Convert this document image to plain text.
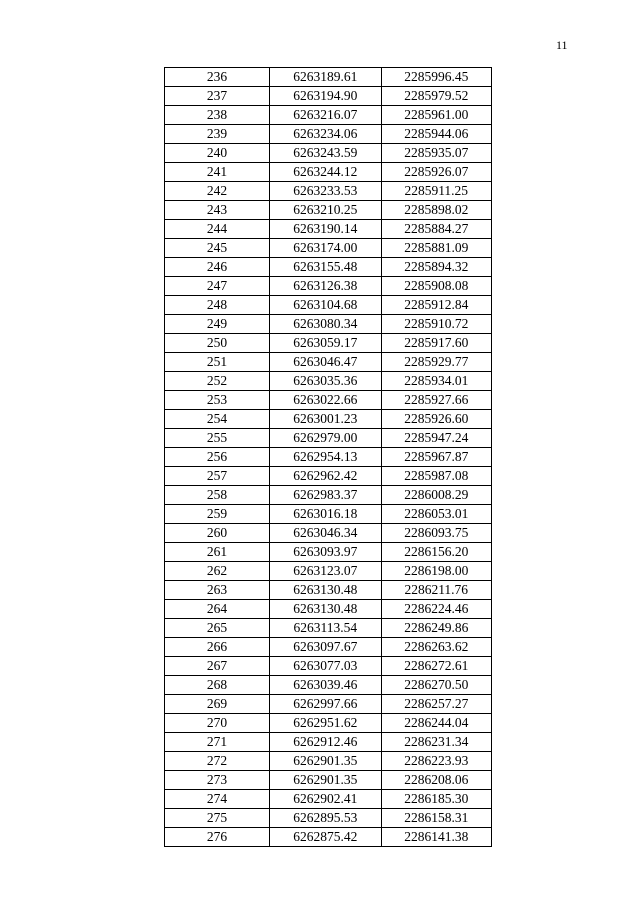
11
236	6263189.61	2285996.45
237	6263194.90	2285979.52
238	6263216.07	2285961.00
239	6263234.06	2285944.06
240	6263243.59	2285935.07
241	6263244.12	2285926.07
242	6263233.53	2285911.25
243	6263210.25	2285898.02
244	6263190.14	2285884.27
245	6263174.00	2285881.09
246	6263155.48	2285894.32
247	6263126.38	2285908.08
248	6263104.68	2285912.84
249	6263080.34	2285910.72
250	6263059.17	2285917.60
251	6263046.47	2285929.77
252	6263035.36	2285934.01
253	6263022.66	2285927.66
254	6263001.23	2285926.60
255	6262979.00	2285947.24
256	6262954.13	2285967.87
257	6262962.42	2285987.08
258	6262983.37	2286008.29
259	6263016.18	2286053.01
260	6263046.34	2286093.75
261	6263093.97	2286156.20
262	6263123.07	2286198.00
263	6263130.48	2286211.76
264	6263130.48	2286224.46
265	6263113.54	2286249.86
266	6263097.67	2286263.62
267	6263077.03	2286272.61
268	6263039.46	2286270.50
269	6262997.66	2286257.27
270	6262951.62	2286244.04
271	6262912.46	2286231.34
272	6262901.35	2286223.93
273	6262901.35	2286208.06
274	6262902.41	2286185.30
275	6262895.53	2286158.31
276	6262875.42	2286141.38
